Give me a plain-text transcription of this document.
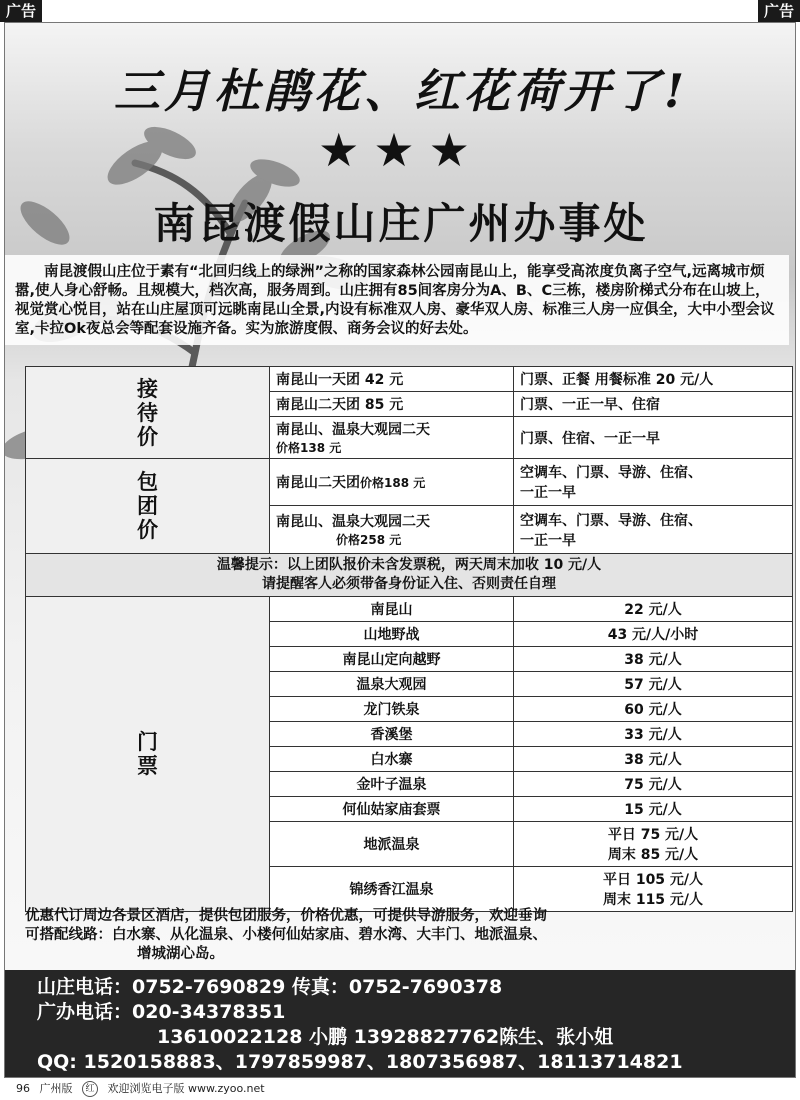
广告	广告
三月杜鹃花、红花荷开了!
★★★
南昆渡假山庄广州办事处

南昆渡假山庄位于素有“北回归线上的绿洲”之称的国家森林公园南昆山上，能享受高浓度负离子空气,远离城市烦嚣,使人身心舒畅。且规模大，档次高，服务周到。山庄拥有85间客房分为A、B、C三栋，楼房阶梯式分布在山坡上，视觉赏心悦目，站在山庄屋顶可远眺南昆山全景,内设有标准双人房、豪华双人房、标准三人房一应俱全，大中小型会议室,卡拉Ok夜总会等配套设施齐备。实为旅游度假、商务会议的好去处。

接待价	南昆山一天团 42 元	门票、正餐 用餐标准 20 元/人
	南昆山二天团 85 元	门票、一正一早、住宿

	南昆山、温泉大观园二天
价格138 元	门票、住宿、一正一早
包团价	南昆山二天团价格188 元	空调车、门票、导游、住宿、
一正一早

	南昆山、温泉大观园二天
价格258 元	空调车、门票、导游、住宿、
一正一早

温馨提示：以上团队报价未含发票税，两天周末加收 10 元/人
请提醒客人必须带备身份证入住、否则责任自理		

门票	南昆山	22 元/人
	山地野战	43 元/人/小时
	南昆山定向越野	38 元/人
	温泉大观园	57 元/人
	龙门铁泉	60 元/人
	香溪堡	33 元/人
	白水寨	38 元/人
	金叶子温泉	75 元/人
	何仙姑家庙套票	15 元/人
	地派温泉	平日 75 元/人
周末 85 元/人

	锦绣香江温泉	平日 105 元/人
周末 115 元/人
优惠代订周边各景区酒店，提供包团服务，价格优惠，可提供导游服务，欢迎垂询
可搭配线路：白水寨、从化温泉、小楼何仙姑家庙、碧水湾、大丰门、地派温泉、
增城湖心岛。
山庄电话：0752-7690829 传真：0752-7690378
广办电话：020-34378351
13610022128 小鹏 13928827762陈生、张小姐
QQ: 1520158883、1797859987、1807356987、18113714821
96 广州版 红 欢迎浏览电子版 www.zyoo.net
